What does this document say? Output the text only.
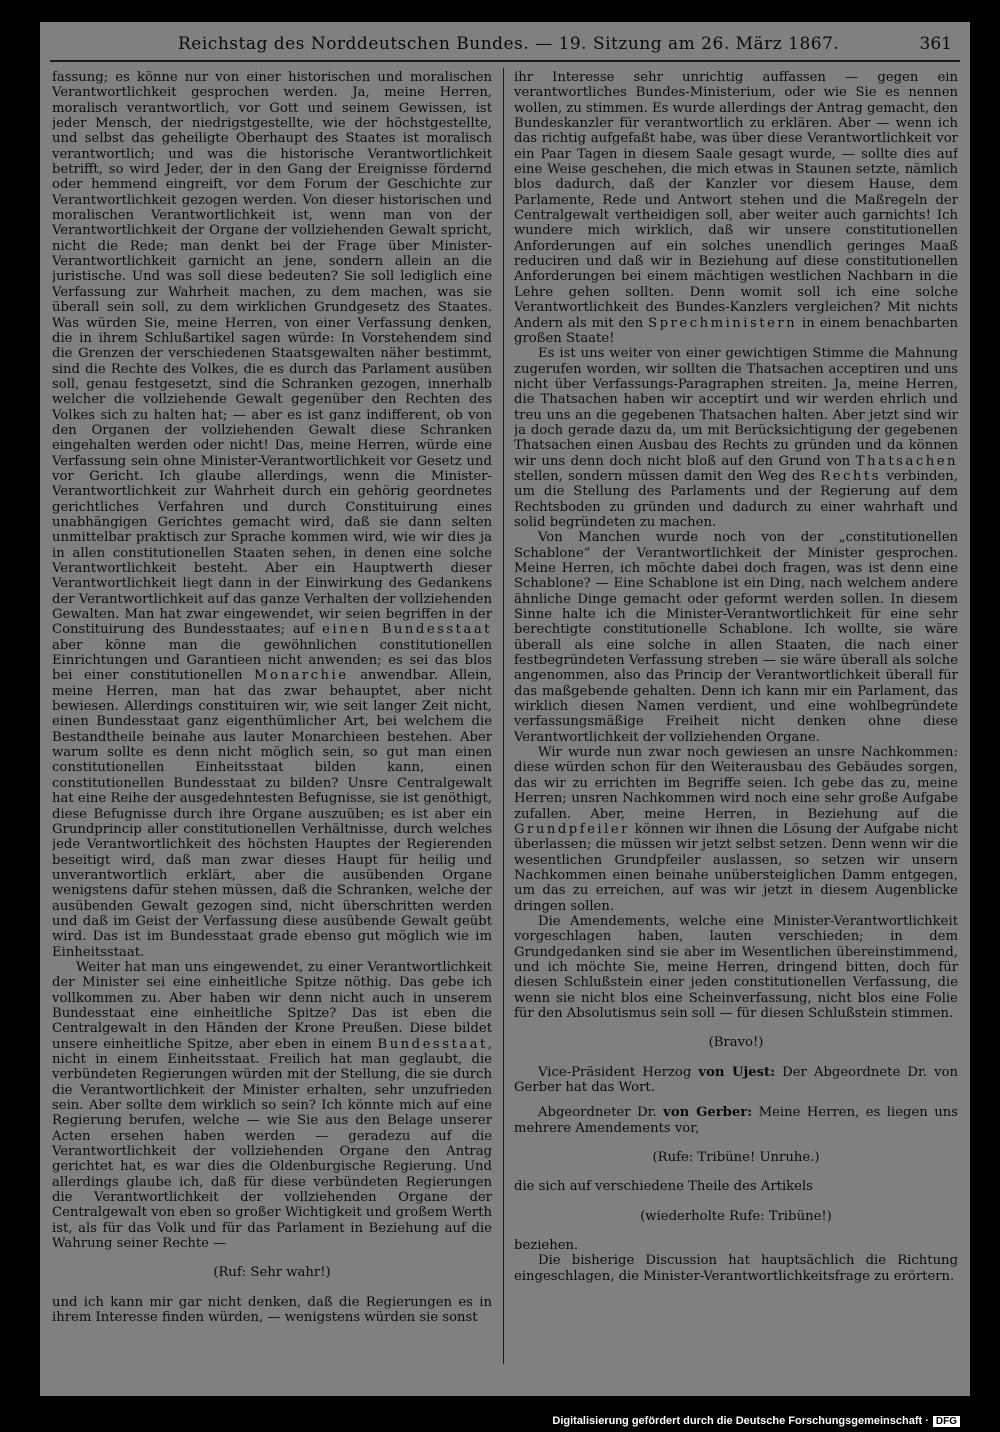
Reichstag des Norddeutschen Bundes. — 19. Sitzung am 26. März 1867.	361

fassung; es könne nur von einer historischen und moralischen Verantwortlichkeit gesprochen werden. Ja, meine Herren, moralisch verantwortlich, vor Gott und seinem Gewissen, ist jeder Mensch, der niedrigstgestellte, wie der höchstgestellte, und selbst das geheiligte Oberhaupt des Staates ist moralisch verantwortlich; und was die historische Verantwortlichkeit betrifft, so wird Jeder, der in den Gang der Ereignisse fördernd oder hemmend eingreift, vor dem Forum der Geschichte zur Verantwortlichkeit gezogen werden. Von dieser historischen und moralischen Verantwortlichkeit ist, wenn man von der Verantwortlichkeit der Organe der vollziehenden Gewalt spricht, nicht die Rede; man denkt bei der Frage über Minister-Verantwortlichkeit garnicht an jene, sondern allein an die juristische. Und was soll diese bedeuten? Sie soll lediglich eine Verfassung zur Wahrheit machen, zu dem machen, was sie überall sein soll, zu dem wirklichen Grundgesetz des Staates. Was würden Sie, meine Herren, von einer Verfassung denken, die in ihrem Schlußartikel sagen würde: In Vorstehendem sind die Grenzen der verschiedenen Staatsgewalten näher bestimmt, sind die Rechte des Volkes, die es durch das Parlament ausüben soll, genau festgesetzt, sind die Schranken gezogen, innerhalb welcher die vollziehende Gewalt gegenüber den Rechten des Volkes sich zu halten hat; — aber es ist ganz indifferent, ob von den Organen der vollziehenden Gewalt diese Schranken eingehalten werden oder nicht! Das, meine Herren, würde eine Verfassung sein ohne Minister-Verantwortlichkeit vor Gesetz und vor Gericht. Ich glaube allerdings, wenn die Minister-Verantwortlichkeit zur Wahrheit durch ein gehörig geordnetes gerichtliches Verfahren und durch Constituirung eines unabhängigen Gerichtes gemacht wird, daß sie dann selten unmittelbar praktisch zur Sprache kommen wird, wie wir dies ja in allen constitutionellen Staaten sehen, in denen eine solche Verantwortlichkeit besteht. Aber ein Hauptwerth dieser Verantwortlichkeit liegt dann in der Einwirkung des Gedankens der Verantwortlichkeit auf das ganze Verhalten der vollziehenden Gewalten. Man hat zwar eingewendet, wir seien begriffen in der Constituirung des Bundesstaates; auf einen Bundesstaat aber könne man die gewöhnlichen constitutionellen Einrichtungen und Garantieen nicht anwenden; es sei das blos bei einer constitutionellen Monarchie anwendbar. Allein, meine Herren, man hat das zwar behauptet, aber nicht bewiesen. Allerdings constituiren wir, wie seit langer Zeit nicht, einen Bundesstaat ganz eigenthümlicher Art, bei welchem die Bestandtheile beinahe aus lauter Monarchieen bestehen. Aber warum sollte es denn nicht möglich sein, so gut man einen constitutionellen Einheitsstaat bilden kann, einen constitutionellen Bundesstaat zu bilden? Unsre Centralgewalt hat eine Reihe der ausgedehntesten Befugnisse, sie ist genöthigt, diese Befugnisse durch ihre Organe auszuüben; es ist aber ein Grundprincip aller constitutionellen Verhältnisse, durch welches jede Verantwortlichkeit des höchsten Hauptes der Regierenden beseitigt wird, daß man zwar dieses Haupt für heilig und unverantwortlich erklärt, aber die ausübenden Organe wenigstens dafür stehen müssen, daß die Schranken, welche der ausübenden Gewalt gezogen sind, nicht überschritten werden und daß im Geist der Verfassung diese ausübende Gewalt geübt wird. Das ist im Bundesstaat grade ebenso gut möglich wie im Einheitsstaat.

Weiter hat man uns eingewendet, zu einer Verantwortlichkeit der Minister sei eine einheitliche Spitze nöthig. Das gebe ich vollkommen zu. Aber haben wir denn nicht auch in unserem Bundesstaat eine einheitliche Spitze? Das ist eben die Centralgewalt in den Händen der Krone Preußen. Diese bildet unsere einheitliche Spitze, aber eben in einem Bundesstaat, nicht in einem Einheitsstaat. Freilich hat man geglaubt, die verbündeten Regierungen würden mit der Stellung, die sie durch die Verantwortlichkeit der Minister erhalten, sehr unzufrieden sein. Aber sollte dem wirklich so sein? Ich könnte mich auf eine Regierung berufen, welche — wie Sie aus den Belage unserer Acten ersehen haben werden — geradezu auf die Verantwortlichkeit der vollziehenden Organe den Antrag gerichtet hat, es war dies die Oldenburgische Regierung. Und allerdings glaube ich, daß für diese verbündeten Regierungen die Verantwortlichkeit der vollziehenden Organe der Centralgewalt von eben so großer Wichtigkeit und großem Werth ist, als für das Volk und für das Parlament in Beziehung auf die Wahrung seiner Rechte —

(Ruf: Sehr wahr!)

und ich kann mir gar nicht denken, daß die Regierungen es in ihrem Interesse finden würden, — wenigstens würden sie sonst

ihr Interesse sehr unrichtig auffassen — gegen ein verantwortliches Bundes-Ministerium, oder wie Sie es nennen wollen, zu stimmen. Es wurde allerdings der Antrag gemacht, den Bundeskanzler für verantwortlich zu erklären. Aber — wenn ich das richtig aufgefaßt habe, was über diese Verantwortlichkeit vor ein Paar Tagen in diesem Saale gesagt wurde, — sollte dies auf eine Weise geschehen, die mich etwas in Staunen setzte, nämlich blos dadurch, daß der Kanzler vor diesem Hause, dem Parlamente, Rede und Antwort stehen und die Maßregeln der Centralgewalt vertheidigen soll, aber weiter auch garnichts! Ich wundere mich wirklich, daß wir unsere constitutionellen Anforderungen auf ein solches unendlich geringes Maaß reduciren und daß wir in Beziehung auf diese constitutionellen Anforderungen bei einem mächtigen westlichen Nachbarn in die Lehre gehen sollten. Denn womit soll ich eine solche Verantwortlichkeit des Bundes-Kanzlers vergleichen? Mit nichts Andern als mit den Sprechministern in einem benachbarten großen Staate!

Es ist uns weiter von einer gewichtigen Stimme die Mahnung zugerufen worden, wir sollten die Thatsachen acceptiren und uns nicht über Verfassungs-Paragraphen streiten. Ja, meine Herren, die Thatsachen haben wir acceptirt und wir werden ehrlich und treu uns an die gegebenen Thatsachen halten. Aber jetzt sind wir ja doch gerade dazu da, um mit Berücksichtigung der gegebenen Thatsachen einen Ausbau des Rechts zu gründen und da können wir uns denn doch nicht bloß auf den Grund von Thatsachen stellen, sondern müssen damit den Weg des Rechts verbinden, um die Stellung des Parlaments und der Regierung auf dem Rechtsboden zu gründen und dadurch zu einer wahrhaft und solid begründeten zu machen.

Von Manchen wurde noch von der „constitutionellen Schablone“ der Verantwortlichkeit der Minister gesprochen. Meine Herren, ich möchte dabei doch fragen, was ist denn eine Schablone? — Eine Schablone ist ein Ding, nach welchem andere ähnliche Dinge gemacht oder geformt werden sollen. In diesem Sinne halte ich die Minister-Verantwortlichkeit für eine sehr berechtigte constitutionelle Schablone. Ich wollte, sie wäre überall als eine solche in allen Staaten, die nach einer festbegründeten Verfassung streben — sie wäre überall als solche angenommen, also das Princip der Verantwortlichkeit überall für das maßgebende gehalten. Denn ich kann mir ein Parlament, das wirklich diesen Namen verdient, und eine wohlbegründete verfassungsmäßige Freiheit nicht denken ohne diese Verantwortlichkeit der vollziehenden Organe.

Wir wurde nun zwar noch gewiesen an unsre Nachkommen: diese würden schon für den Weiterausbau des Gebäudes sorgen, das wir zu errichten im Begriffe seien. Ich gebe das zu, meine Herren; unsren Nachkommen wird noch eine sehr große Aufgabe zufallen. Aber, meine Herren, in Beziehung auf die Grundpfeiler können wir ihnen die Lösung der Aufgabe nicht überlassen; die müssen wir jetzt selbst setzen. Denn wenn wir die wesentlichen Grundpfeiler auslassen, so setzen wir unsern Nachkommen einen beinahe unübersteiglichen Damm entgegen, um das zu erreichen, auf was wir jetzt in diesem Augenblicke dringen sollen.

Die Amendements, welche eine Minister-Verantwortlichkeit vorgeschlagen haben, lauten verschieden; in dem Grundgedanken sind sie aber im Wesentlichen übereinstimmend, und ich möchte Sie, meine Herren, dringend bitten, doch für diesen Schlußstein einer jeden constitutionellen Verfassung, die wenn sie nicht blos eine Scheinverfassung, nicht blos eine Folie für den Absolutismus sein soll — für diesen Schlußstein stimmen.

(Bravo!)

Vice-Präsident Herzog von Ujest: Der Abgeordnete Dr. von Gerber hat das Wort.

Abgeordneter Dr. von Gerber: Meine Herren, es liegen uns mehrere Amendements vor,

(Rufe: Tribüne! Unruhe.)

die sich auf verschiedene Theile des Artikels

(wiederholte Rufe: Tribüne!)

beziehen.

Die bisherige Discussion hat hauptsächlich die Richtung eingeschlagen, die Minister-Verantwortlichkeitsfrage zu erörtern.

Digitalisierung gefördert durch die Deutsche Forschungsgemeinschaft · DFG
